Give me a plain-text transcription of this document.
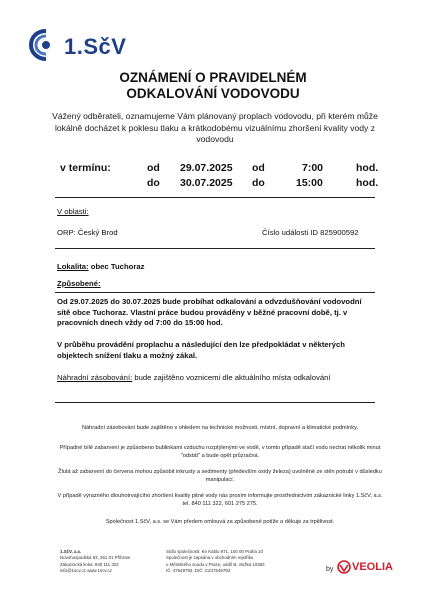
1.SčV
OZNÁMENÍ O PRAVIDELNÉM
ODKALOVÁNÍ VODOVODU
Vážený odběrateli, oznamujeme Vám plánovaný proplach vodovodu, při kterém může lokálně docházet k poklesu tlaku a krátkodobému vizuálnímu zhoršení kvality vody z vodovodu
v termínu:	od 29.07.2025 od	7:00	hod.
do 30.07.2025 do	15:00	hod.
V oblasti:
ORP: Český Brod	Číslo události ID 825900592
Lokalita: obec Tuchoraz
Způsobené:
Od 29.07.2025 do 30.07.2025 bude probíhat odkalování a odvzdušňování vodovodní sítě obce Tuchoraz. Vlastní práce budou prováděny v běžné pracovní době, tj. v pracovních dnech vždy od 7:00 do 15:00 hod.
V průběhu provádění proplachu a následující den lze předpokládat v některých objektech snížení tlaku a možný zákal.
Náhradní zásobování: bude zajištěno voznicemi dle aktuálního místa odkalování
Náhradní zásobování bude zajištěno s ohledem na technické možnosti, místní, dopravní a klimatické podmínky.
Případné bílé zabarvení je způsobeno bublinkami vzduchu rozptýlenými ve vodě, v tomto případě stačí vodu nechat několik minut "odstát" a bude opět průzračná.
Žlutá až zabarvení do červena mohou způsobit inkrusty a sedimenty (především oxidy železa) uvolněné ze stěn potrubí v důsledku manipulací.
V případě výrazného dlouhotrvajícího zhoršení kvality pitné vody nás prosím informujte prostřednictvím zákaznické linky 1.SčV, a.s. tel. 840 111 322, 601 275 275.
Společnost 1.SčV, a.s. se Vám předem omlouvá za způsobené potíže a děkuje za trpělivost.
1.SčV, a.s.
Novohospodská 93, 261 01 Příbram
Zákaznická linka: 840 111 322
info@1scv.cz www.1scv.cz
Sídlo společnosti: Ke Kablu 971, 100 00 Praha 10
Společnost je zapsána v obchodním rejstříku
u Městského soudu v Praze, oddíl B, vložka 10383
IČ: 47549793, DIČ: CZ47549793	by VEOLIA
